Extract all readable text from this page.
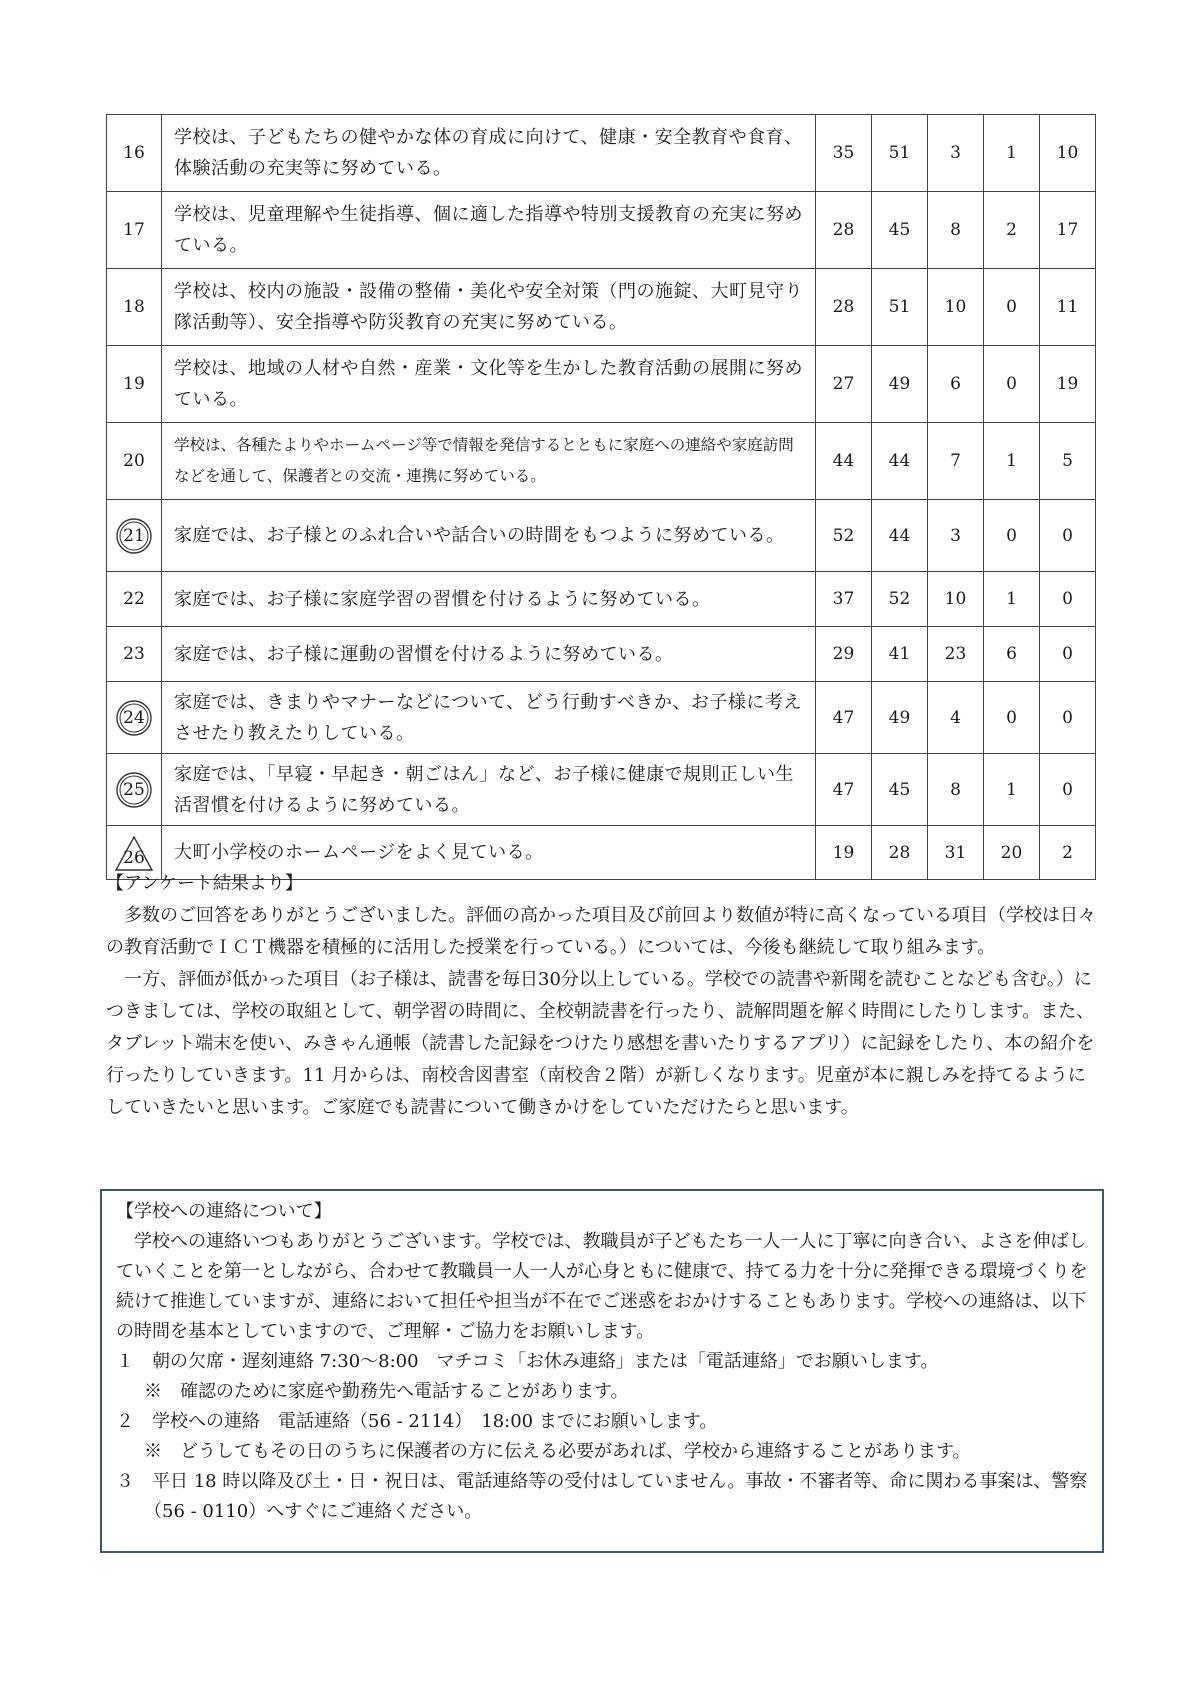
16	学校は、子どもたちの健やかな体の育成に向けて、健康・安全教育や食育、体験活動の充実等に努めている。	35	51	3	1	10
17	学校は、児童理解や生徒指導、個に適した指導や特別支援教育の充実に努めている。	28	45	8	2	17
18	学校は、校内の施設・設備の整備・美化や安全対策（門の施錠、大町見守り隊活動等）、安全指導や防災教育の充実に努めている。	28	51	10	0	11
19	学校は、地域の人材や自然・産業・文化等を生かした教育活動の展開に努めている。	27	49	6	0	19
20	学校は、各種たよりやホームページ等で情報を発信するとともに家庭への連絡や家庭訪問などを通して、保護者との交流・連携に努めている。	44	44	7	1	5

21	家庭では、お子様とのふれ合いや話合いの時間をもつように努めている。	52	44	3	0	0
22	家庭では、お子様に家庭学習の習慣を付けるように努めている。	37	52	10	1	0
23	家庭では、お子様に運動の習慣を付けるように努めている。	29	41	23	6	0

24	家庭では、きまりやマナーなどについて、どう行動すべきか、お子様に考えさせたり教えたりしている。	47	49	4	0	0

25	家庭では、「早寝・早起き・朝ごはん」など、お子様に健康で規則正しい生活習慣を付けるように努めている。	47	45	8	1	0

26	大町小学校のホームページをよく見ている。	19	28	31	20	2

【アンケート結果より】

多数のご回答をありがとうございました。評価の高かった項目及び前回より数値が特に高くなっている項目（学校は日々の教育活動でＩＣＴ機器を積極的に活用した授業を行っている。）については、今後も継続して取り組みます。

一方、評価が低かった項目（お子様は、読書を毎日30分以上している。学校での読書や新聞を読むことなども含む。）につきましては、学校の取組として、朝学習の時間に、全校朝読書を行ったり、読解問題を解く時間にしたりします。また、タブレット端末を使い、みきゃん通帳（読書した記録をつけたり感想を書いたりするアプリ）に記録をしたり、本の紹介を行ったりしていきます。11 月からは、南校舎図書室（南校舎２階）が新しくなります。児童が本に親しみを持てるようにしていきたいと思います。ご家庭でも読書について働きかけをしていただけたらと思います。

【学校への連絡について】

学校への連絡いつもありがとうございます。学校では、教職員が子どもたち一人一人に丁寧に向き合い、よさを伸ばしていくことを第一としながら、合わせて教職員一人一人が心身ともに健康で、持てる力を十分に発揮できる環境づくりを続けて推進していますが、連絡において担任や担当が不在でご迷惑をおかけすることもあります。学校への連絡は、以下の時間を基本としていますので、ご理解・ご協力をお願いします。

１　朝の欠席・遅刻連絡 7:30～8:00　マチコミ「お休み連絡」または「電話連絡」でお願いします。

※　確認のために家庭や勤務先へ電話することがあります。

２　学校への連絡　電話連絡（56 - 2114）　18:00 までにお願いします。

※　どうしてもその日のうちに保護者の方に伝える必要があれば、学校から連絡することがあります。

３　平日 18 時以降及び土・日・祝日は、電話連絡等の受付はしていません。事故・不審者等、命に関わる事案は、警察（56 - 0110）へすぐにご連絡ください。
